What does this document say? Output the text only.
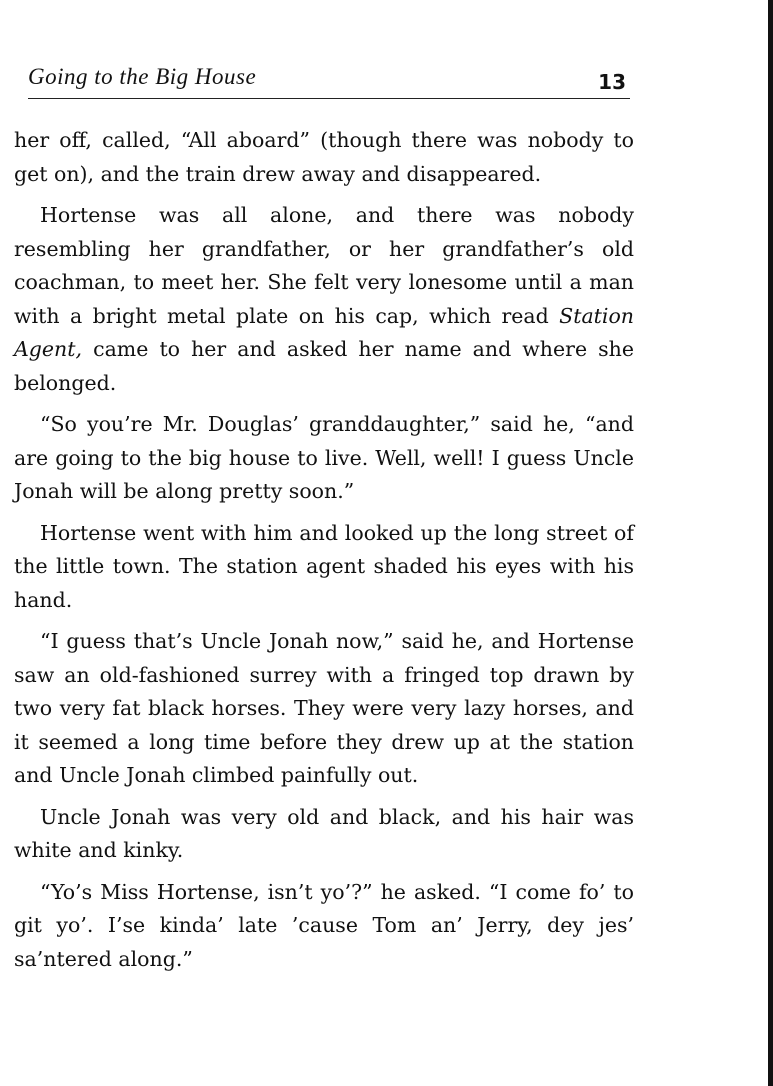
Going to the Big House	13

her off, called, “All aboard” (though there was nobody to get on), and the train drew away and disappeared.

Hortense was all alone, and there was nobody resembling her grandfather, or her grandfather’s old coachman, to meet her. She felt very lonesome until a man with a bright metal plate on his cap, which read Station Agent, came to her and asked her name and where she belonged.

“So you’re Mr. Douglas’ granddaughter,” said he, “and are going to the big house to live. Well, well! I guess Uncle Jonah will be along pretty soon.”

Hortense went with him and looked up the long street of the little town. The station agent shaded his eyes with his hand.

“I guess that’s Uncle Jonah now,” said he, and Hortense saw an old-fashioned surrey with a fringed top drawn by two very fat black horses. They were very lazy horses, and it seemed a long time before they drew up at the station and Uncle Jonah climbed painfully out.

Uncle Jonah was very old and black, and his hair was white and kinky.

“Yo’s Miss Hortense, isn’t yo’?” he asked. “I come fo’ to git yo’. I’se kinda’ late ’cause Tom an’ Jerry, dey jes’ sa’ntered along.”
